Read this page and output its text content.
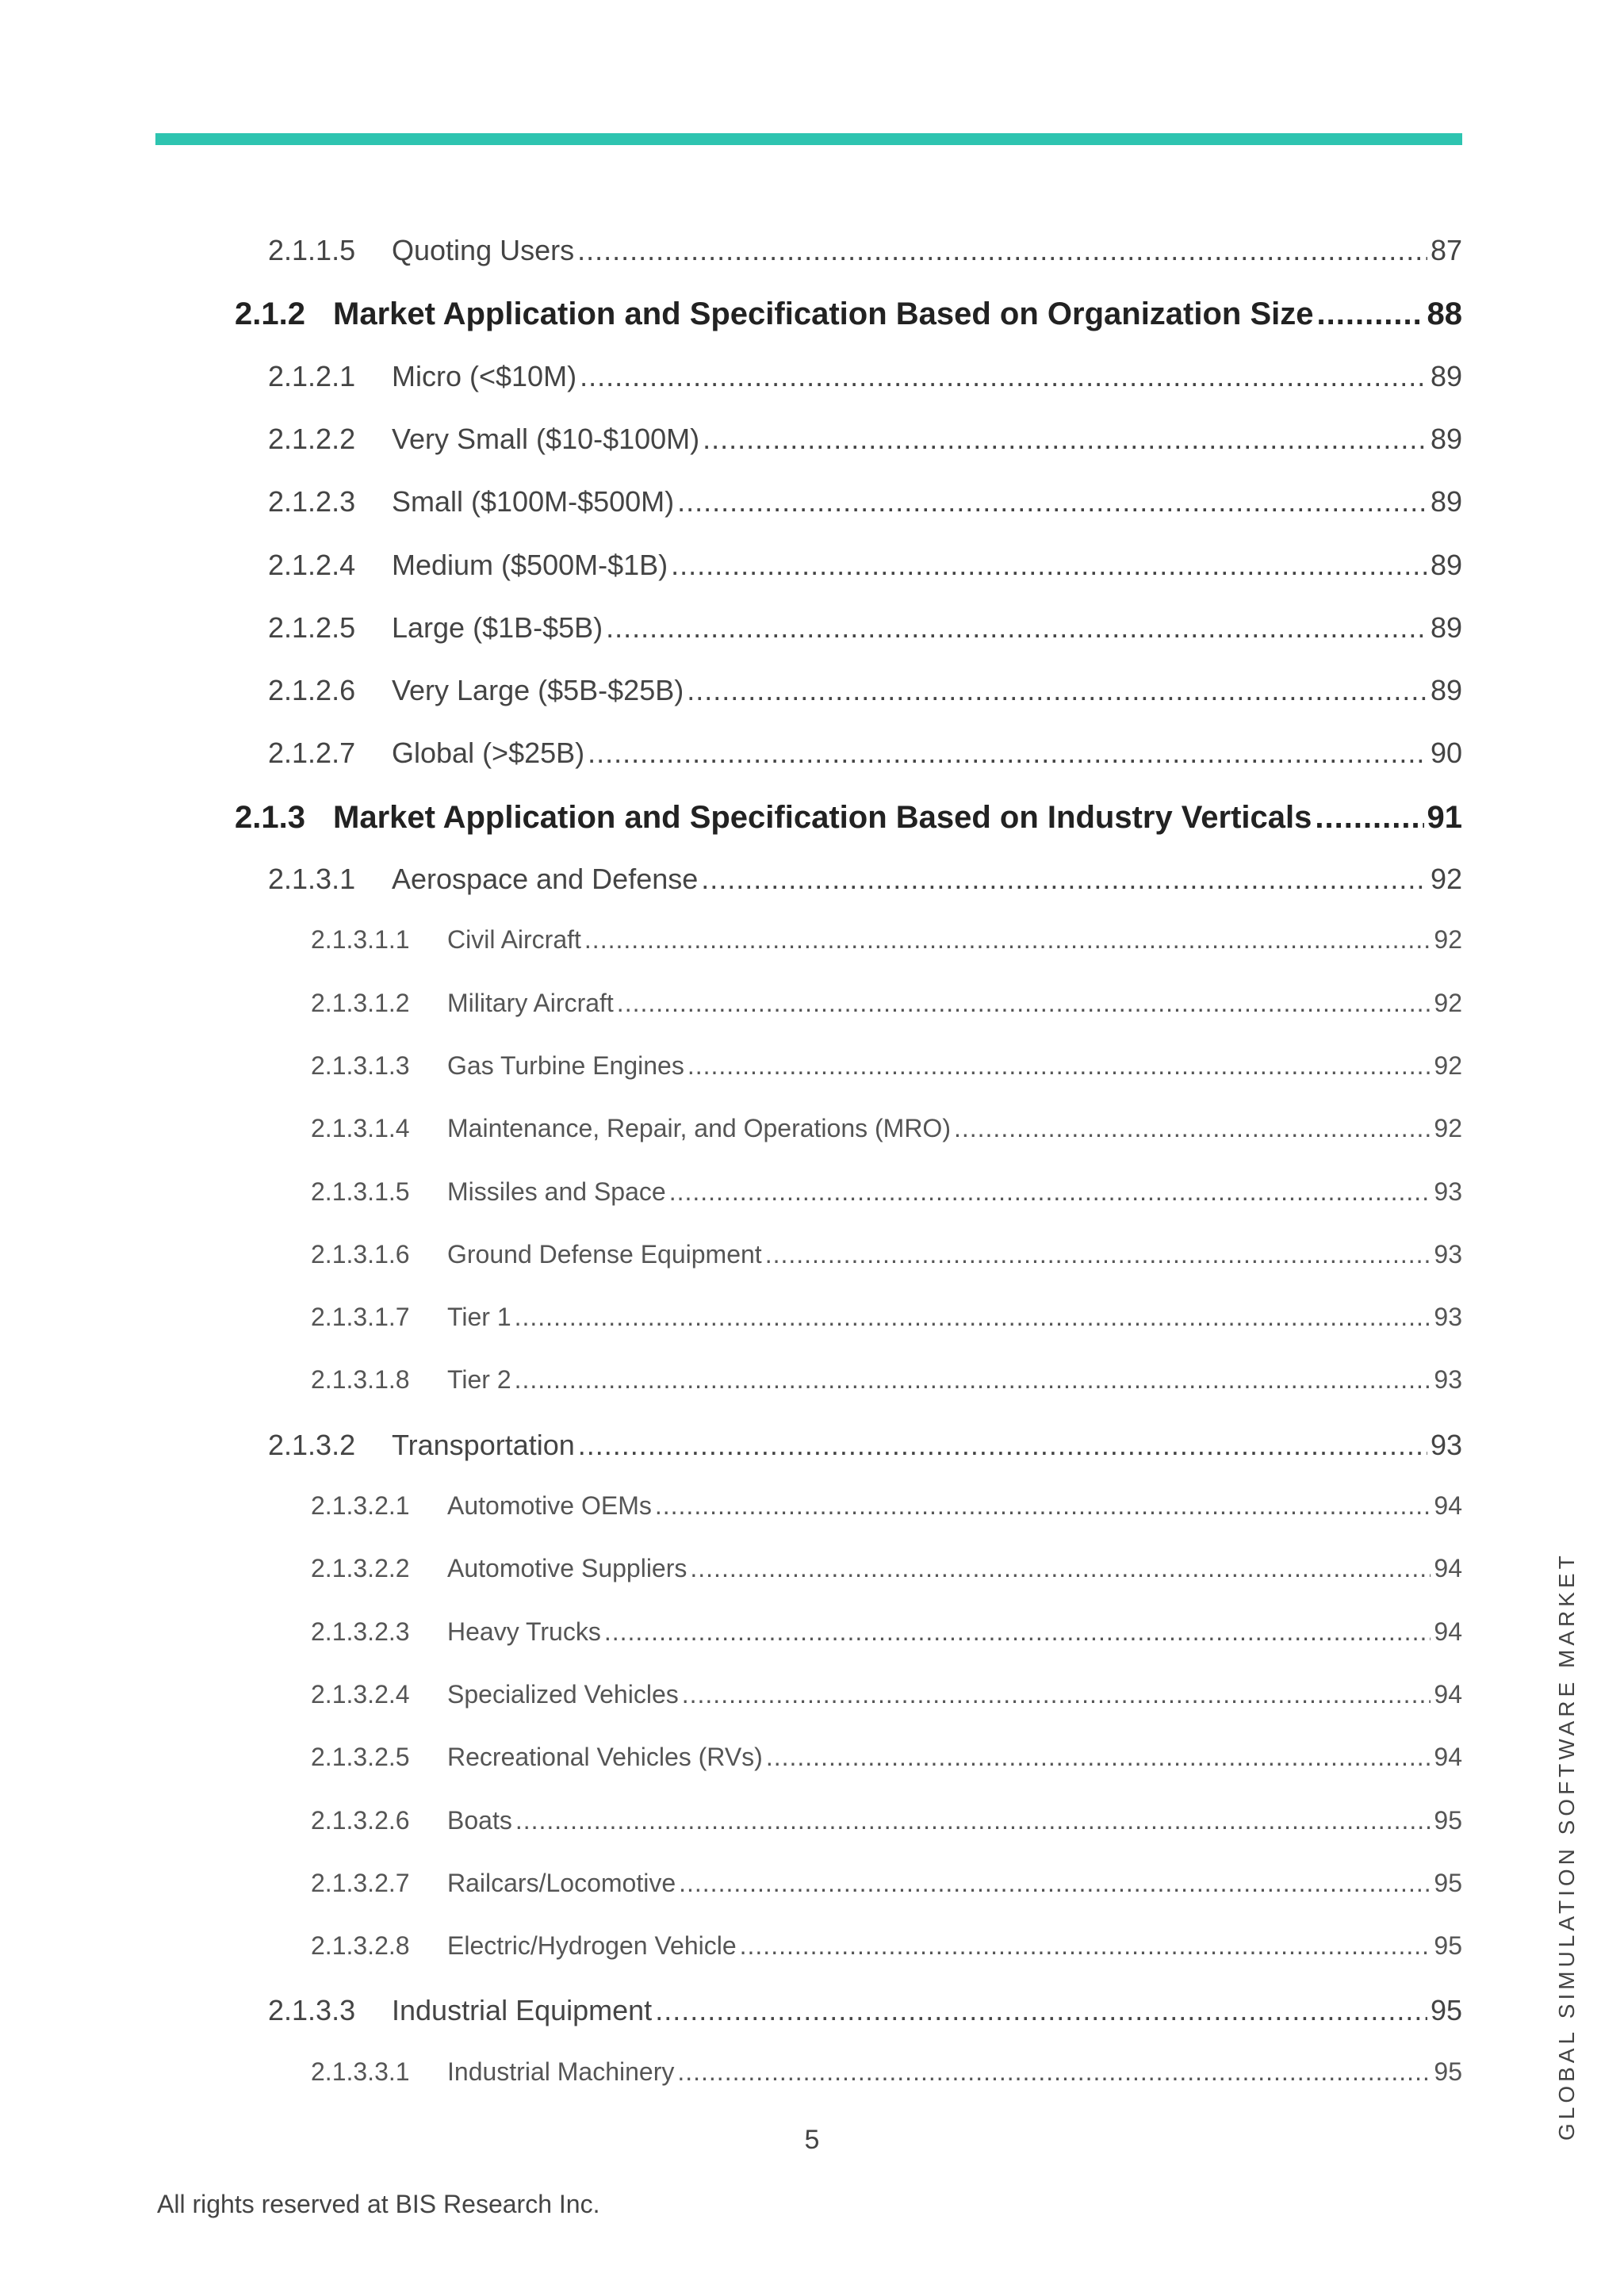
2.1.1.5	Quoting Users .....	87
2.1.2 Market Application and Specification Based on Organization Size .....	88
2.1.2.1	Micro (<$10M) .....	89
2.1.2.2	Very Small ($10-$100M) .....	89
2.1.2.3	Small ($100M-$500M) .....	89
2.1.2.4	Medium ($500M-$1B) .....	89
2.1.2.5	Large ($1B-$5B) .....	89
2.1.2.6	Very Large ($5B-$25B) .....	89
2.1.2.7	Global (>$25B) .....	90
2.1.3 Market Application and Specification Based on Industry Verticals .....	91
2.1.3.1	Aerospace and Defense .....	92
2.1.3.1.1	Civil Aircraft .....	92
2.1.3.1.2	Military Aircraft .....	92
2.1.3.1.3	Gas Turbine Engines .....	92
2.1.3.1.4	Maintenance, Repair, and Operations (MRO) .....	92
2.1.3.1.5	Missiles and Space .....	93
2.1.3.1.6	Ground Defense Equipment .....	93
2.1.3.1.7	Tier 1 .....	93
2.1.3.1.8	Tier 2 .....	93
2.1.3.2	Transportation .....	93
2.1.3.2.1	Automotive OEMs .....	94
2.1.3.2.2	Automotive Suppliers .....	94
2.1.3.2.3	Heavy Trucks .....	94
2.1.3.2.4	Specialized Vehicles .....	94
2.1.3.2.5	Recreational Vehicles (RVs) .....	94
2.1.3.2.6	Boats .....	95
2.1.3.2.7	Railcars/Locomotive .....	95
2.1.3.2.8	Electric/Hydrogen Vehicle .....	95
2.1.3.3	Industrial Equipment .....	95
2.1.3.3.1	Industrial Machinery .....	95	GLOBAL SIMULATION SOFTWARE MARKET
5
All rights reserved at BIS Research Inc.
